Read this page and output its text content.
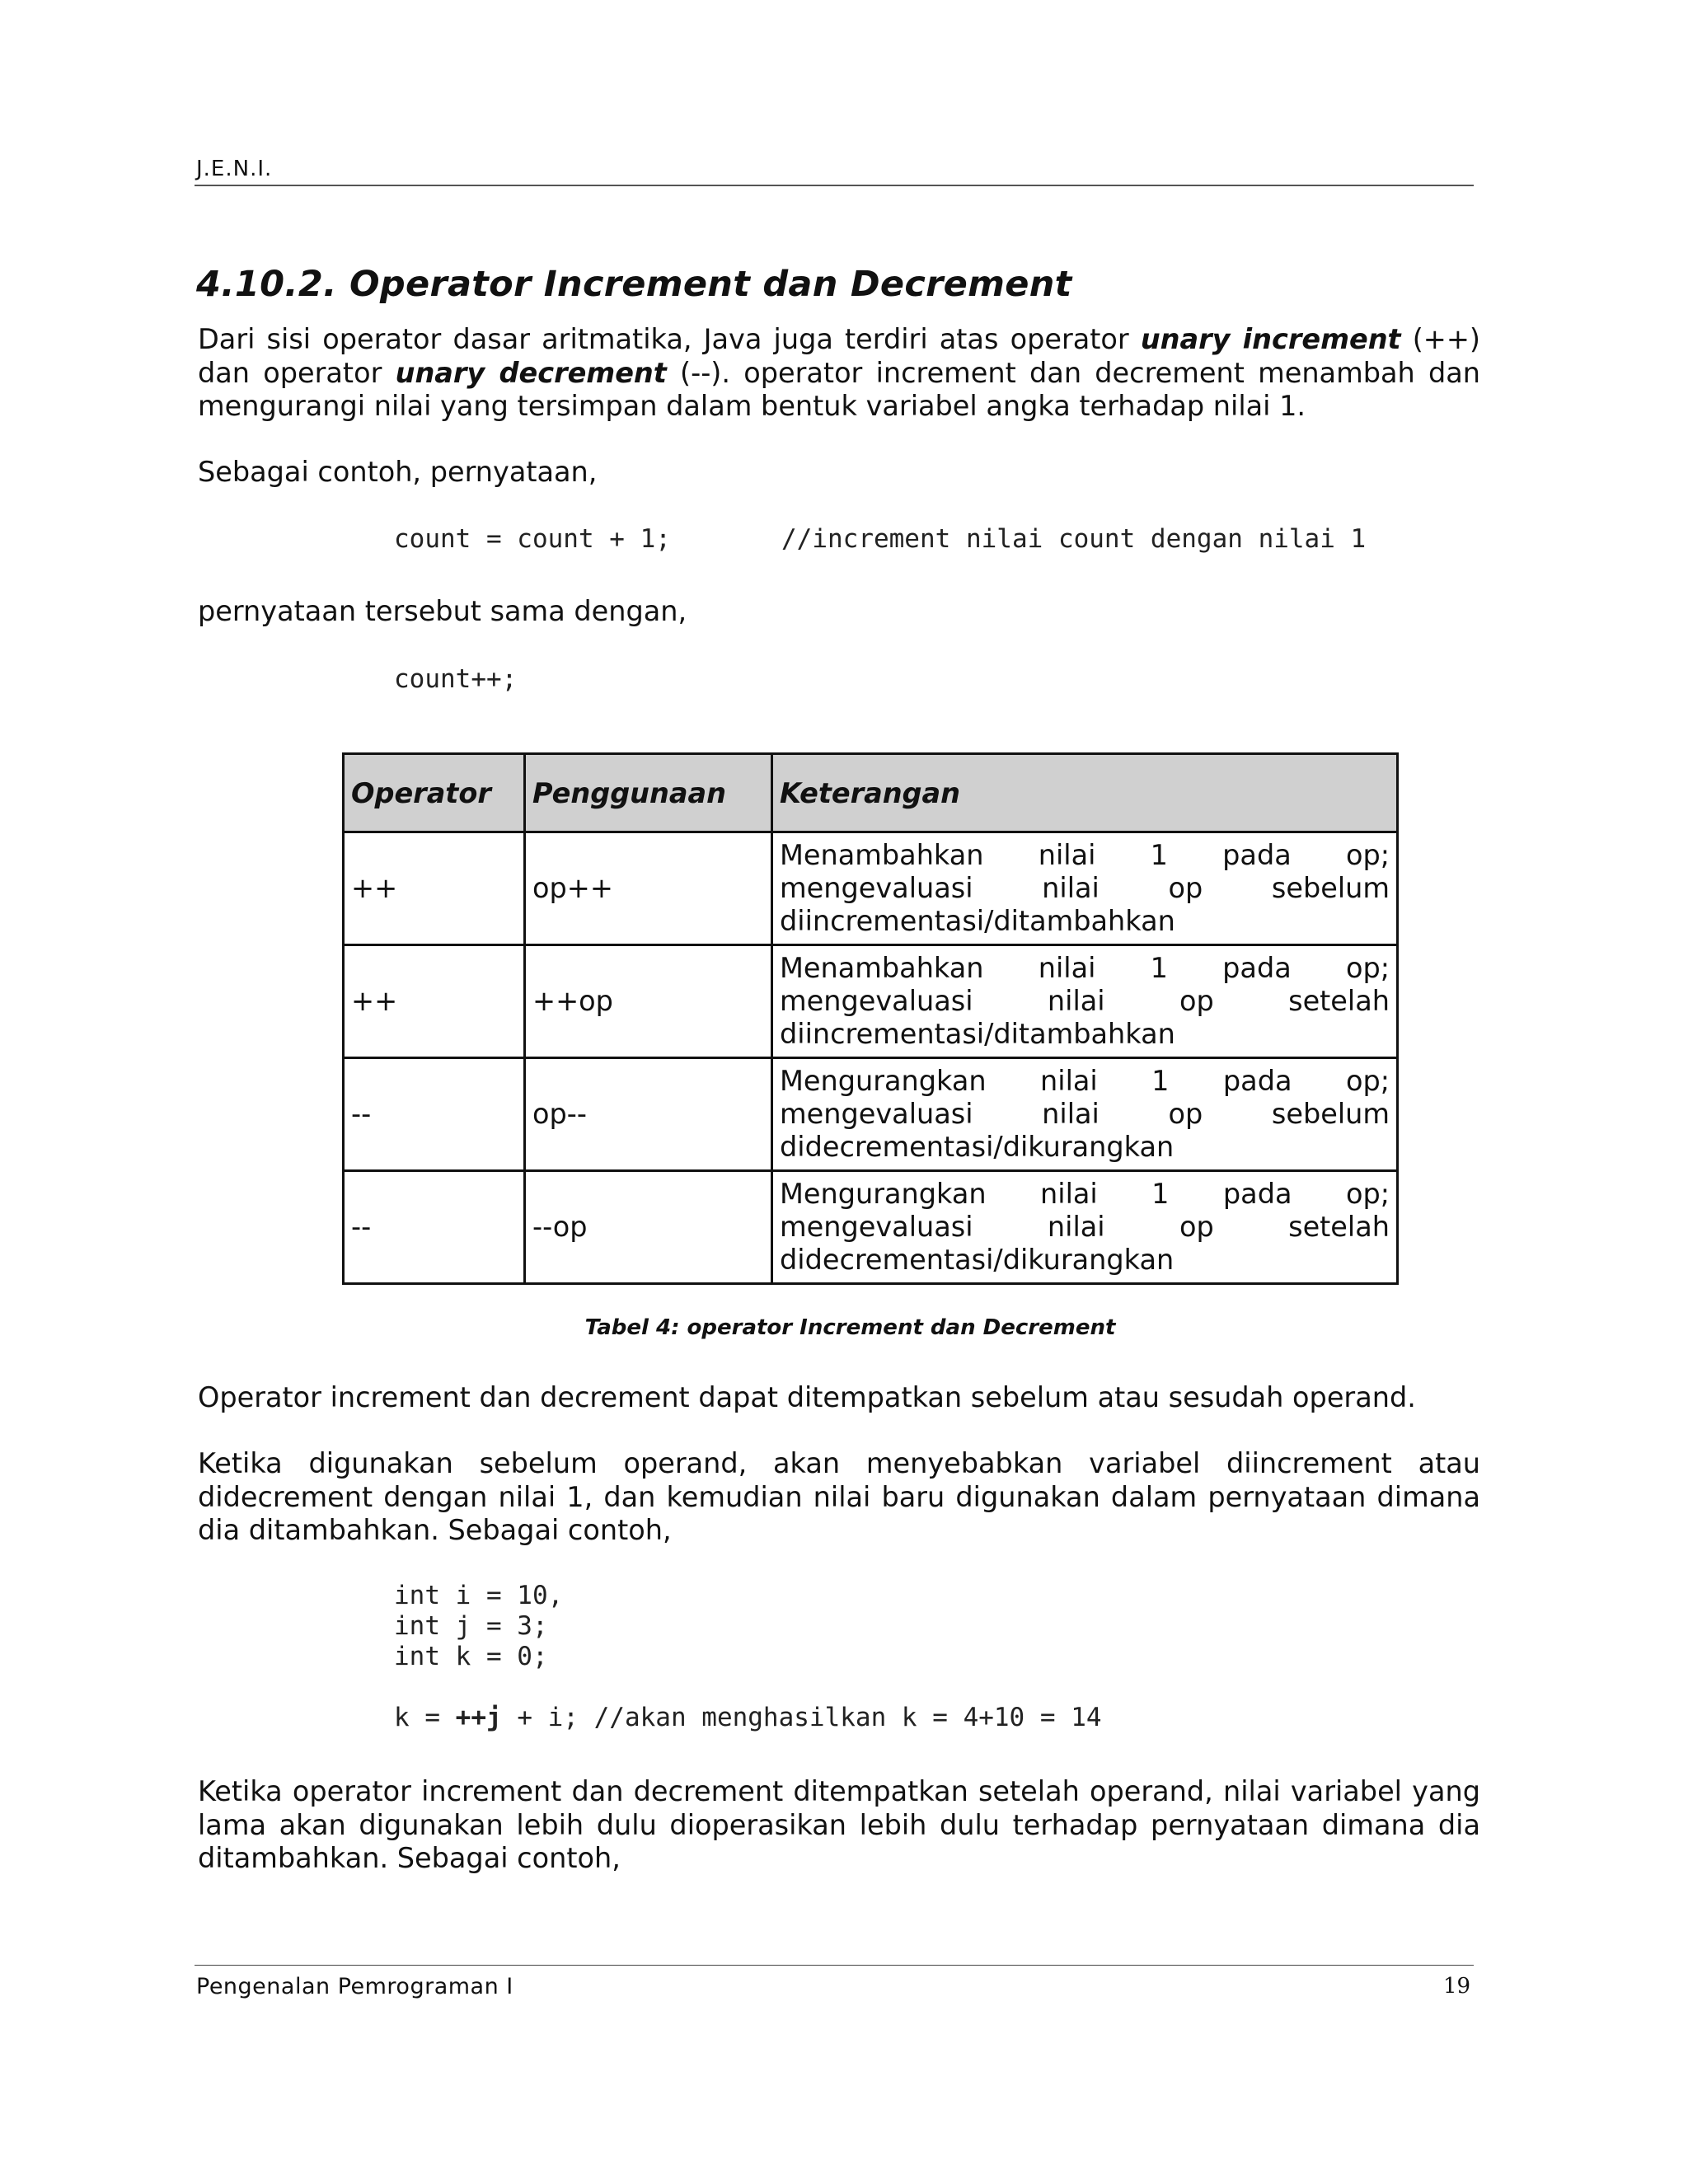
J.E.N.I.
4.10.2. Operator Increment dan Decrement

Dari sisi operator dasar aritmatika, Java juga terdiri atas operator unary increment (++)
dan operator unary decrement (--). operator increment dan decrement menambah dan
mengurangi nilai yang tersimpan dalam bentuk variabel angka terhadap nilai 1.

Sebagai contoh, pernyataan,

count = count + 1;	//increment nilai count dengan nilai 1

pernyataan tersebut sama dengan,

count++;
Operator	Penggunaan	Keterangan
++	op++	Menambahkan nilai 1 pada op;
mengevaluasi nilai op sebelum
diincrementasi/ditambahkan

++	++op	Menambahkan nilai 1 pada op;
mengevaluasi nilai op setelah
diincrementasi/ditambahkan

--	op--	Mengurangkan nilai 1 pada op;
mengevaluasi nilai op sebelum
didecrementasi/dikurangkan

--	--op	Mengurangkan nilai 1 pada op;
mengevaluasi nilai op setelah
didecrementasi/dikurangkan
Tabel 4: operator Increment dan Decrement

Operator increment dan decrement dapat ditempatkan sebelum atau sesudah operand.

Ketika digunakan sebelum operand, akan menyebabkan variabel diincrement atau
didecrement dengan nilai 1, dan kemudian nilai baru digunakan dalam pernyataan dimana
dia ditambahkan. Sebagai contoh,

int i = 10,
int j = 3;
int k = 0;
k = ++j + i; //akan menghasilkan k = 4+10 = 14

Ketika operator increment dan decrement ditempatkan setelah operand, nilai variabel yang
lama akan digunakan lebih dulu dioperasikan lebih dulu terhadap pernyataan dimana dia
ditambahkan. Sebagai contoh,

Pengenalan Pemrograman I	19
